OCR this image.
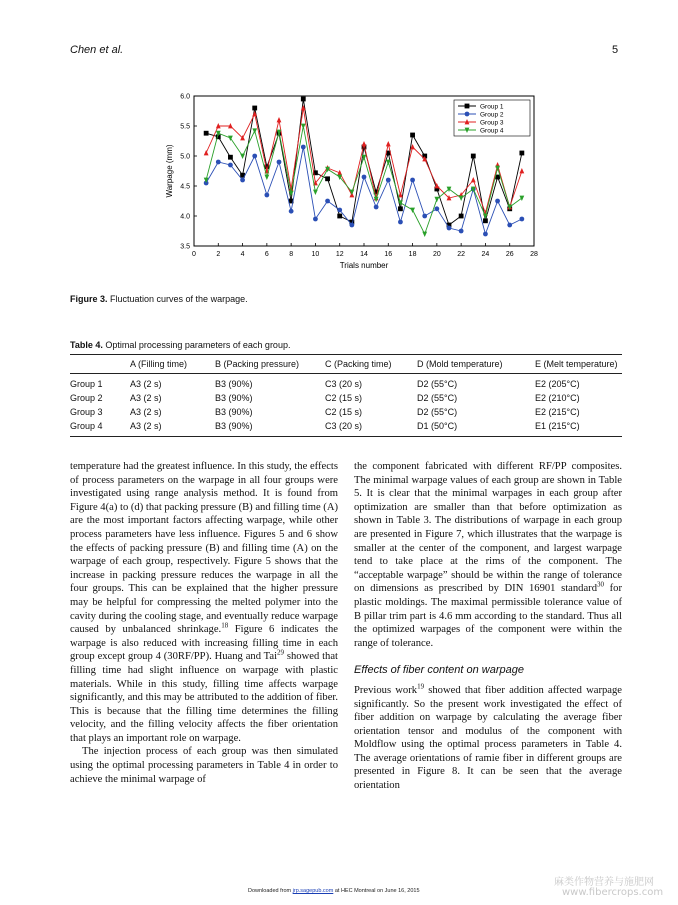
Chen et al.	5
0	2	4	6	8	10 12 14 16 18 20 22 24 26 28
3.5
4.0
4.5
5.0
5.5
6.0
Trials number
Warpage (mm)
Group 1
Group 2
Group 3
Group 4
Figure 3. Fluctuation curves of the warpage.
Table 4. Optimal processing parameters of each group.
	A (Filling time)	B (Packing pressure)	C (Packing time)	D (Mold temperature)	E (Melt temperature)
Group 1	A3 (2 s)	B3 (90%)	C3 (20 s)	D2 (55°C)	E2 (205°C)
Group 2	A3 (2 s)	B3 (90%)	C2 (15 s)	D2 (55°C)	E2 (210°C)
Group 3	A3 (2 s)	B3 (90%)	C2 (15 s)	D2 (55°C)	E2 (215°C)
Group 4	A3 (2 s)	B3 (90%)	C3 (20 s)	D1 (50°C)	E1 (215°C)

temperature had the greatest influence. In this study, the effects of process parameters on the warpage in all four groups were investigated using range analysis method. It is found from Figure 4(a) to (d) that packing pressure (B) and filling time (A) are the most important factors affecting warpage, while other process parameters have less influence. Figures 5 and 6 show the effects of packing pressure (B) and filling time (A) on the warpage of each group, respectively. Figure 5 shows that the increase in packing pressure reduces the warpage in all the four groups. This can be explained that the higher pressure may be helpful for compressing the melted polymer into the cavity during the cooling stage, and eventually reduce warpage caused by unbalanced shrinkage.$^{18}$ Figure 6 indicates the warpage is also reduced with increasing filling time in each group except group 4 (30RF/PP). Huang and Tai$^{29}$ showed that filling time had slight influence on warpage with plastic materials. While in this study, filling time affects warpage significantly, and this may be attributed to the addition of fiber. This is because that the filling time determines the filling velocity, and the filling velocity affects the fiber orientation that plays an important role on warpage.

The injection process of each group was then simulated using the optimal processing parameters in Table 4 in order to achieve the minimal warpage of

the component fabricated with different RF/PP composites. The minimal warpage values of each group are shown in Table 5. It is clear that the minimal warpages in each group after optimization are smaller than that before optimization as shown in Table 3. The distributions of warpage in each group are presented in Figure 7, which illustrates that the warpage is smaller at the center of the component, and largest warpage tend to take place at the rims of the component. The “acceptable warpage” should be within the range of tolerance on dimensions as prescribed by DIN 16901 standard$^{30}$ for plastic moldings. The maximal permissible tolerance value of B pillar trim part is 4.6 mm according to the standard. Thus all the optimized warpages of the component were within the range of tolerance.

Effects of fiber content on warpage

Previous work$^{19}$ showed that fiber addition affected warpage significantly. So the present work investigated the effect of fiber addition on warpage by calculating the average fiber orientation tensor and modulus of the component with Moldflow using the optimal process parameters in Table 4. The average orientations of ramie fiber in different groups are presented in Figure 8. It can be seen that the average orientation

Downloaded from jrp.sagepub.com at HEC Montreal on June 16, 2015
麻类作物营养与施肥网
www.fibercrops.com
